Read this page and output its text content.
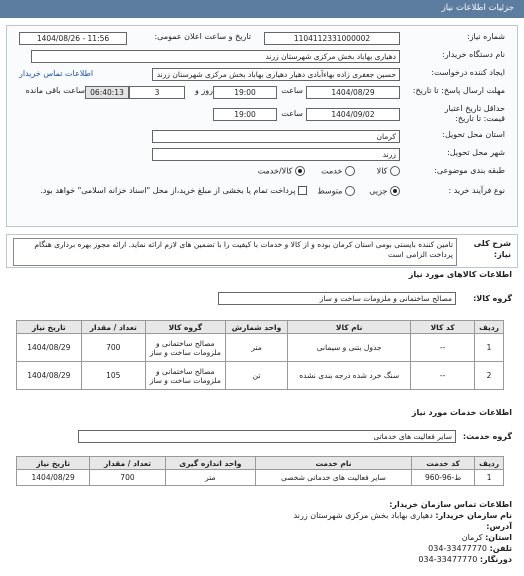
جزئیات اطلاعات نیاز
شماره نیاز:
1104112331000002
تاریخ و ساعت اعلان عمومی:
1404/08/26 - 11:56
نام دستگاه خریدار:
دهیاری بهاباد بخش مرکزی شهرستان زرند
ایجاد کننده درخواست:
حسین جعفری زاده بهاءآبادی دهیار دهیاری بهاباد بخش مرکزی شهرستان زرند
اطلاعات تماس خریدار
مهلت ارسال پاسخ: تا تاریخ:
1404/08/29
ساعت
19:00
روز و
3
06:40:13
ساعت باقی مانده
حداقل تاریخ اعتبار
قیمت: تا تاریخ:
1404/09/02
ساعت
19:00
استان محل تحویل:
کرمان
شهر محل تحویل:
زرند
طبقه بندی موضوعی:
کالا
خدمت
کالا/خدمت
نوع فرآیند خرید :
جزیی
متوسط
پرداخت تمام یا بخشی از مبلغ خرید،از محل "اسناد خزانه اسلامی" خواهد بود.
شرح کلی
نیاز:
تامین کننده بایستی بومی استان کرمان بوده و از کالا و خدمات با کیفیت را با تضمین های لازم ارائه نماید. ارائه مجوز بهره برداری هنگام پرداخت الزامی است
اطلاعات کالاهای مورد نیاز
گروه کالا:
مصالح ساختمانی و ملزومات ساخت و ساز
ردیف	کد کالا	نام کالا	واحد شمارش	گروه کالا	تعداد / مقدار	تاریخ نیاز
1	--	جدول بتنی و سیمانی	متر	مصالح ساختمانی و ملزومات ساخت و ساز	700	1404/08/29
2	--	سنگ خرد شده درجه بندی نشده	تن	مصالح ساختمانی و ملزومات ساخت و ساز	105	1404/08/29
اطلاعات خدمات مورد نیاز
گروه خدمت:
سایر فعالیت های خدماتی
ردیف	کد خدمت	نام خدمت	واحد اندازه گیری	تعداد / مقدار	تاریخ نیاز
1	ط-96-960	سایر فعالیت های خدماتی شخصی	متر	700	1404/08/29
اطلاعات تماس سازمان خریدار:
نام سازمان خریدار: دهیاری بهاباد بخش مرکزی شهرستان زرند
آدرس:
استان: کرمان
تلفن: 034-33477770
دورنگار: 034-33477770
